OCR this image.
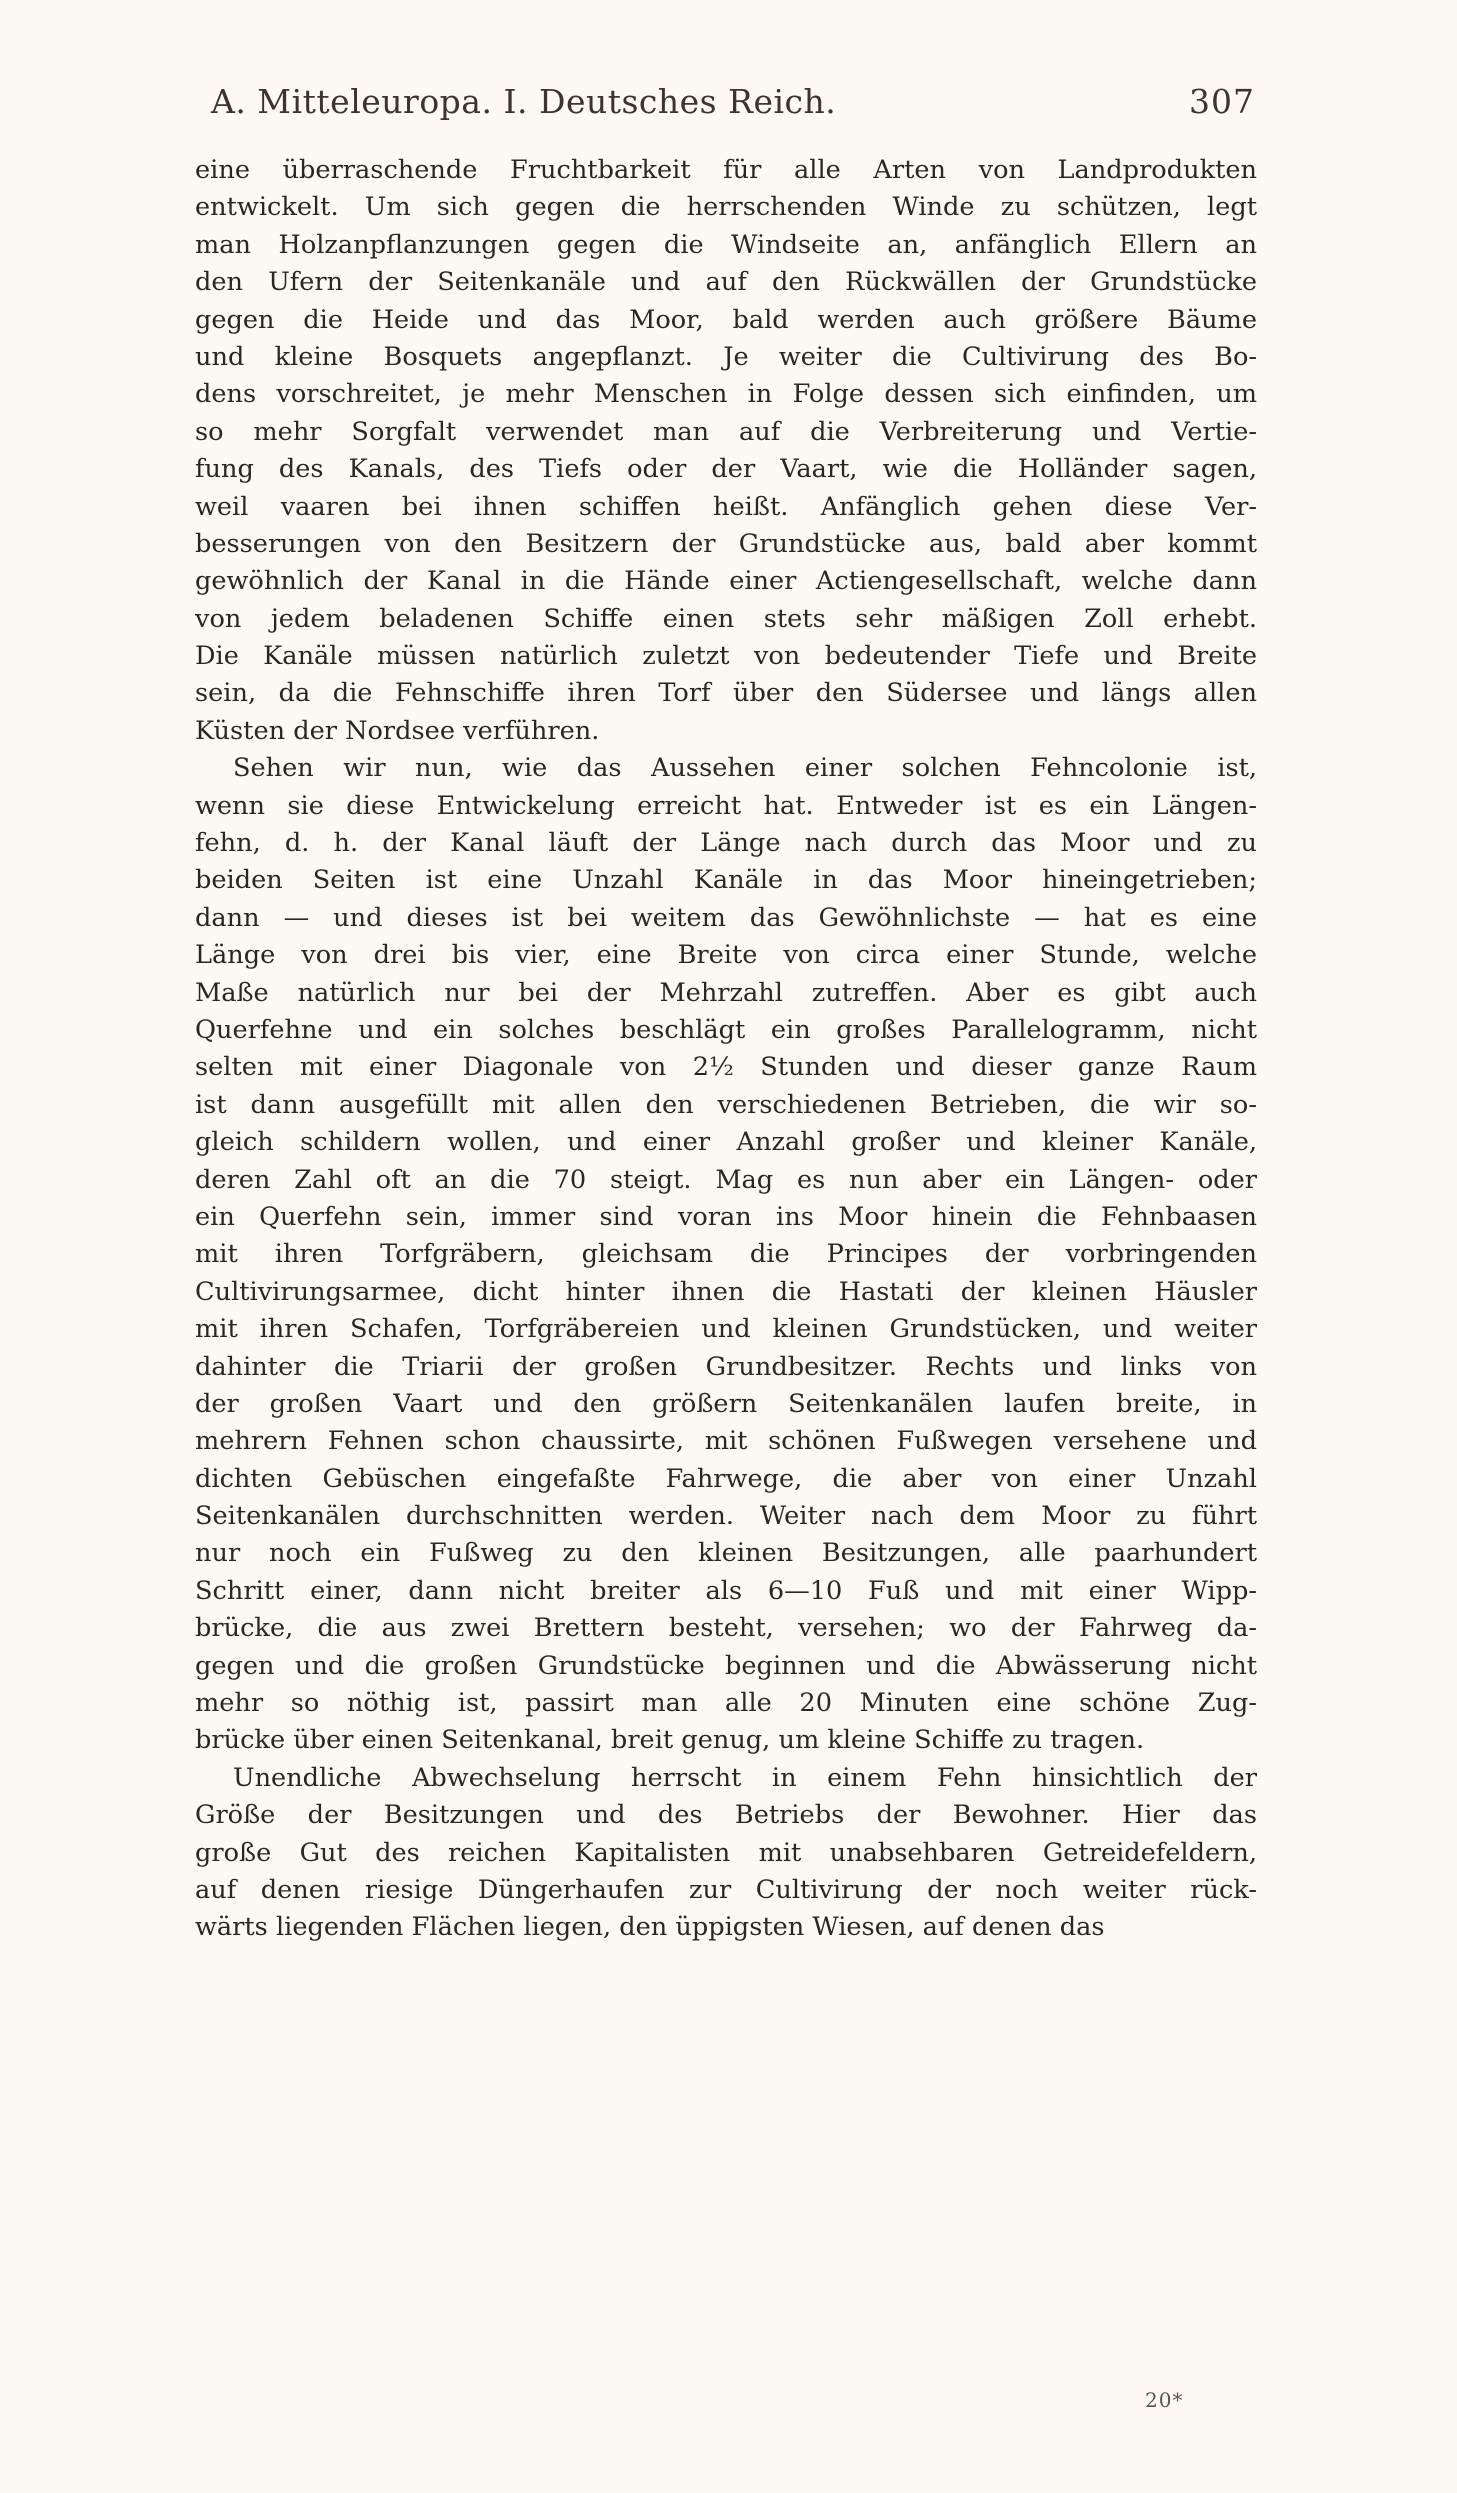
A. Mitteleuropa. I. Deutsches Reich.	307
eine überraschende Fruchtbarkeit für alle Arten von Landprodukten
entwickelt. Um sich gegen die herrschenden Winde zu schützen, legt
man Holzanpflanzungen gegen die Windseite an, anfänglich Ellern an
den Ufern der Seitenkanäle und auf den Rückwällen der Grundstücke
gegen die Heide und das Moor, bald werden auch größere Bäume
und kleine Bosquets angepflanzt. Je weiter die Cultivirung des Bo-
dens vorschreitet, je mehr Menschen in Folge dessen sich einfinden, um
so mehr Sorgfalt verwendet man auf die Verbreiterung und Vertie-
fung des Kanals, des Tiefs oder der Vaart, wie die Holländer sagen,
weil vaaren bei ihnen schiffen heißt. Anfänglich gehen diese Ver-
besserungen von den Besitzern der Grundstücke aus, bald aber kommt
gewöhnlich der Kanal in die Hände einer Actiengesellschaft, welche dann
von jedem beladenen Schiffe einen stets sehr mäßigen Zoll erhebt.
Die Kanäle müssen natürlich zuletzt von bedeutender Tiefe und Breite
sein, da die Fehnschiffe ihren Torf über den Südersee und längs allen
Küsten der Nordsee verführen.
Sehen wir nun, wie das Aussehen einer solchen Fehncolonie ist,
wenn sie diese Entwickelung erreicht hat. Entweder ist es ein Längen-
fehn, d. h. der Kanal läuft der Länge nach durch das Moor und zu
beiden Seiten ist eine Unzahl Kanäle in das Moor hineingetrieben;
dann — und dieses ist bei weitem das Gewöhnlichste — hat es eine
Länge von drei bis vier, eine Breite von circa einer Stunde, welche
Maße natürlich nur bei der Mehrzahl zutreffen. Aber es gibt auch
Querfehne und ein solches beschlägt ein großes Parallelogramm, nicht
selten mit einer Diagonale von 2½ Stunden und dieser ganze Raum
ist dann ausgefüllt mit allen den verschiedenen Betrieben, die wir so-
gleich schildern wollen, und einer Anzahl großer und kleiner Kanäle,
deren Zahl oft an die 70 steigt. Mag es nun aber ein Längen- oder
ein Querfehn sein, immer sind voran ins Moor hinein die Fehnbaasen
mit ihren Torfgräbern, gleichsam die Principes der vorbringenden
Cultivirungsarmee, dicht hinter ihnen die Hastati der kleinen Häusler
mit ihren Schafen, Torfgräbereien und kleinen Grundstücken, und weiter
dahinter die Triarii der großen Grundbesitzer. Rechts und links von
der großen Vaart und den größern Seitenkanälen laufen breite, in
mehrern Fehnen schon chaussirte, mit schönen Fußwegen versehene und
dichten Gebüschen eingefaßte Fahrwege, die aber von einer Unzahl
Seitenkanälen durchschnitten werden. Weiter nach dem Moor zu führt
nur noch ein Fußweg zu den kleinen Besitzungen, alle paarhundert
Schritt einer, dann nicht breiter als 6—10 Fuß und mit einer Wipp-
brücke, die aus zwei Brettern besteht, versehen; wo der Fahrweg da-
gegen und die großen Grundstücke beginnen und die Abwässerung nicht
mehr so nöthig ist, passirt man alle 20 Minuten eine schöne Zug-
brücke über einen Seitenkanal, breit genug, um kleine Schiffe zu tragen.
Unendliche Abwechselung herrscht in einem Fehn hinsichtlich der
Größe der Besitzungen und des Betriebs der Bewohner. Hier das
große Gut des reichen Kapitalisten mit unabsehbaren Getreidefeldern,
auf denen riesige Düngerhaufen zur Cultivirung der noch weiter rück-
wärts liegenden Flächen liegen, den üppigsten Wiesen, auf denen das
20*
